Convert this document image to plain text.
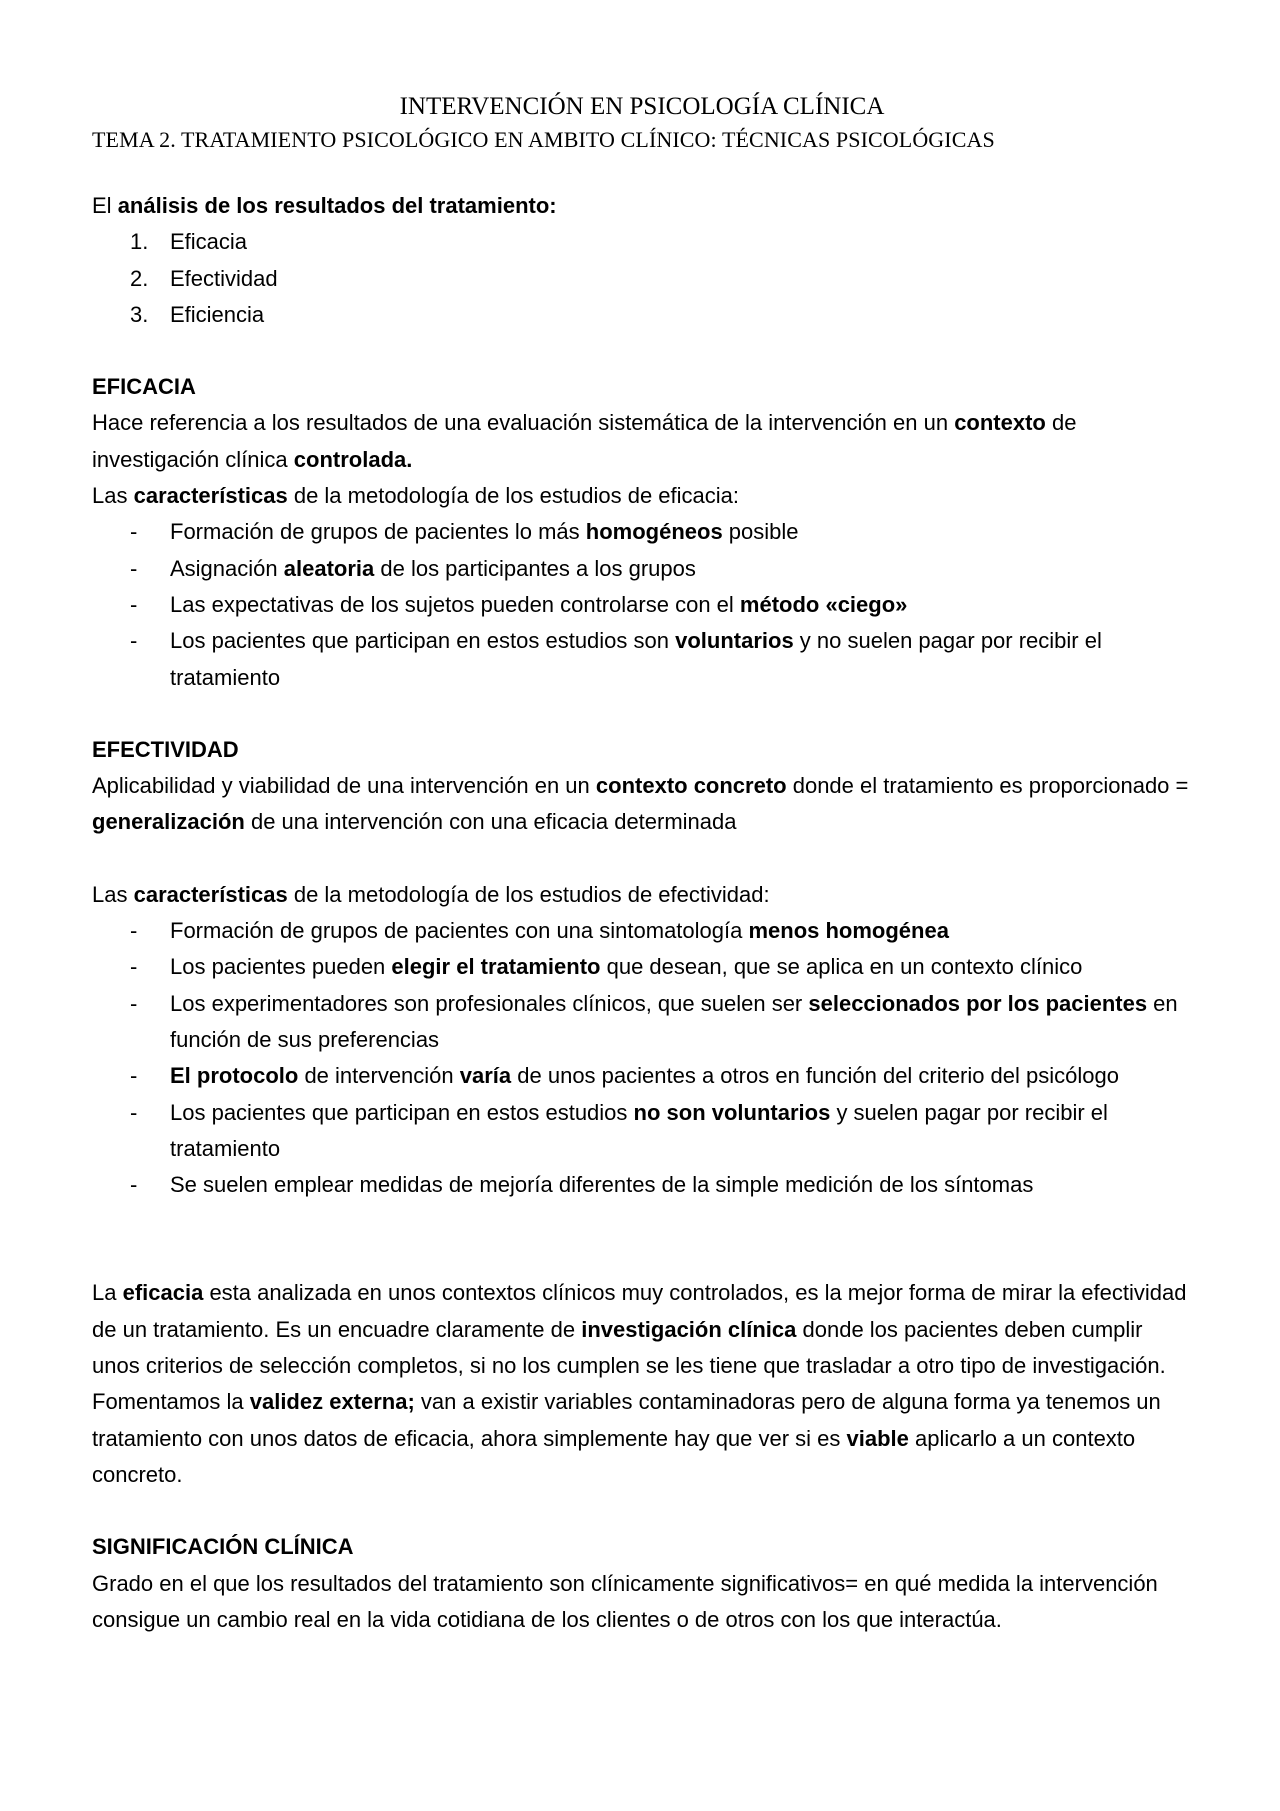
INTERVENCIÓN EN PSICOLOGÍA CLÍNICA
TEMA 2. TRATAMIENTO PSICOLÓGICO EN AMBITO CLÍNICO: TÉCNICAS PSICOLÓGICAS

El análisis de los resultados del tratamiento:

1. Eficacia
2. Efectividad
3. Eficiencia

EFICACIA

Hace referencia a los resultados de una evaluación sistemática de la intervención en un contexto de investigación clínica controlada.

Las características de la metodología de los estudios de eficacia:

- Formación de grupos de pacientes lo más homogéneos posible
- Asignación aleatoria de los participantes a los grupos
- Las expectativas de los sujetos pueden controlarse con el método «ciego»
- Los pacientes que participan en estos estudios son voluntarios y no suelen pagar por recibir el tratamiento

EFECTIVIDAD

Aplicabilidad y viabilidad de una intervención en un contexto concreto donde el tratamiento es proporcionado = generalización de una intervención con una eficacia determinada

Las características de la metodología de los estudios de efectividad:

- Formación de grupos de pacientes con una sintomatología menos homogénea
- Los pacientes pueden elegir el tratamiento que desean, que se aplica en un contexto clínico
- Los experimentadores son profesionales clínicos, que suelen ser seleccionados por los pacientes en función de sus preferencias
- El protocolo de intervención varía de unos pacientes a otros en función del criterio del psicólogo
- Los pacientes que participan en estos estudios no son voluntarios y suelen pagar por recibir el tratamiento
- Se suelen emplear medidas de mejoría diferentes de la simple medición de los síntomas

La eficacia esta analizada en unos contextos clínicos muy controlados, es la mejor forma de mirar la efectividad de un tratamiento. Es un encuadre claramente de investigación clínica donde los pacientes deben cumplir unos criterios de selección completos, si no los cumplen se les tiene que trasladar a otro tipo de investigación.

Fomentamos la validez externa; van a existir variables contaminadoras pero de alguna forma ya tenemos un tratamiento con unos datos de eficacia, ahora simplemente hay que ver si es viable aplicarlo a un contexto concreto.

SIGNIFICACIÓN CLÍNICA

Grado en el que los resultados del tratamiento son clínicamente significativos= en qué medida la intervención consigue un cambio real en la vida cotidiana de los clientes o de otros con los que interactúa.
